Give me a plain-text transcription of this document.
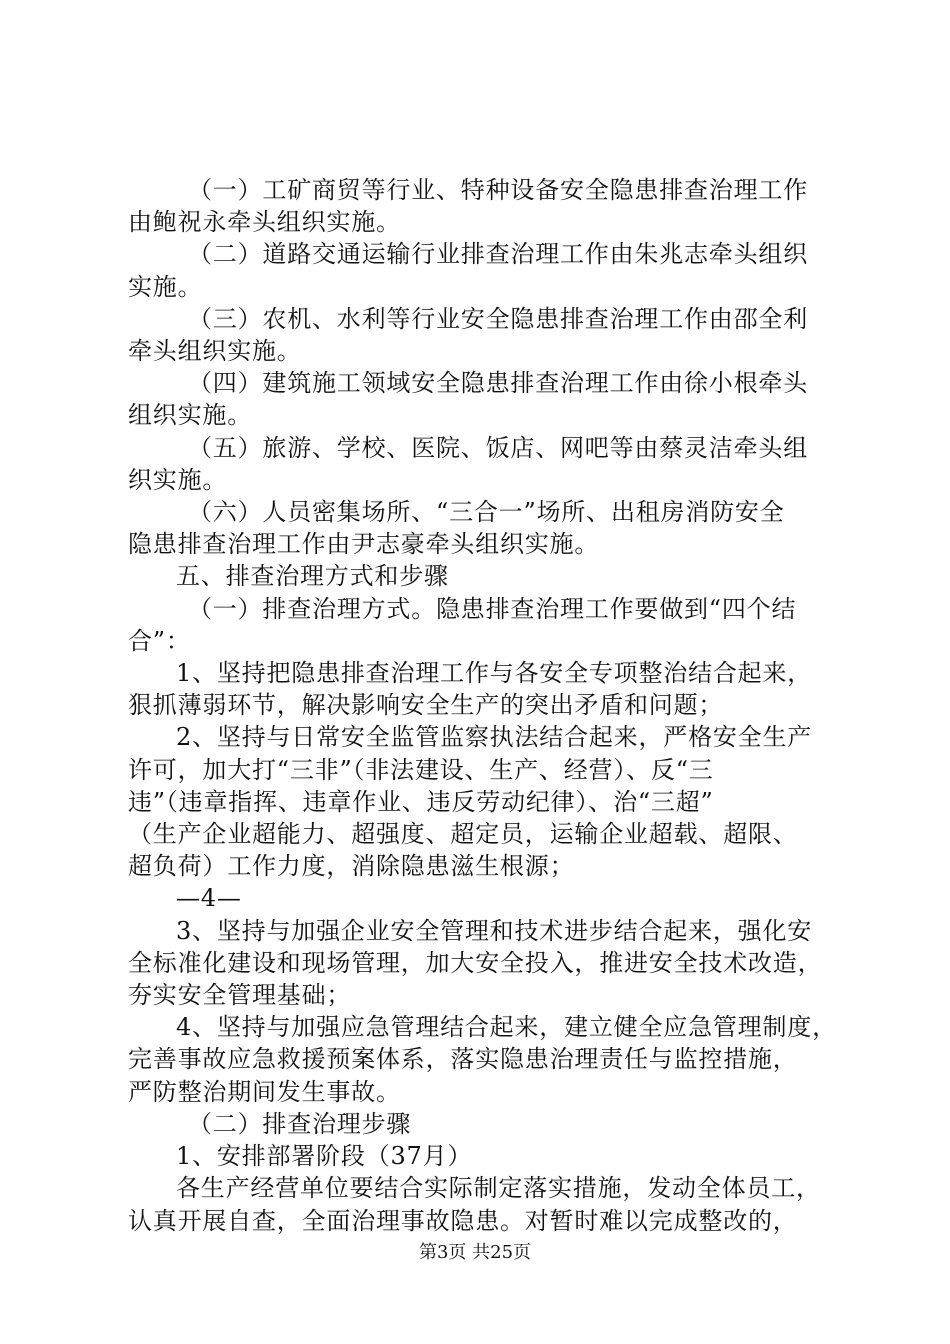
（一）工矿商贸等行业、特种设备安全隐患排查治理工作

由鲍祝永牵头组织实施。

（二）道路交通运输行业排查治理工作由朱兆志牵头组织

实施。

（三）农机、水利等行业安全隐患排查治理工作由邵全利

牵头组织实施。

（四）建筑施工领域安全隐患排查治理工作由徐小根牵头

组织实施。

（五）旅游、学校、医院、饭店、网吧等由蔡灵洁牵头组

织实施。

（六）人员密集场所、“三合一”场所、出租房消防安全

隐患排查治理工作由尹志豪牵头组织实施。

五、排查治理方式和步骤

（一）排查治理方式。隐患排查治理工作要做到“四个结

合”：

1、坚持把隐患排查治理工作与各安全专项整治结合起来，

狠抓薄弱环节，解决影响安全生产的突出矛盾和问题；

2、坚持与日常安全监管监察执法结合起来，严格安全生产

许可，加大打“三非”（非法建设、生产、经营）、反“三

违”（违章指挥、违章作业、违反劳动纪律）、治“三超”

（生产企业超能力、超强度、超定员，运输企业超载、超限、

超负荷）工作力度，消除隐患滋生根源；

—4—

3、坚持与加强企业安全管理和技术进步结合起来，强化安

全标准化建设和现场管理，加大安全投入，推进安全技术改造，

夯实安全管理基础；

4、坚持与加强应急管理结合起来，建立健全应急管理制度，

完善事故应急救援预案体系，落实隐患治理责任与监控措施，

严防整治期间发生事故。

（二）排查治理步骤

1、安排部署阶段（37月）

各生产经营单位要结合实际制定落实措施，发动全体员工，

认真开展自查，全面治理事故隐患。对暂时难以完成整改的，

第3页 共25页
